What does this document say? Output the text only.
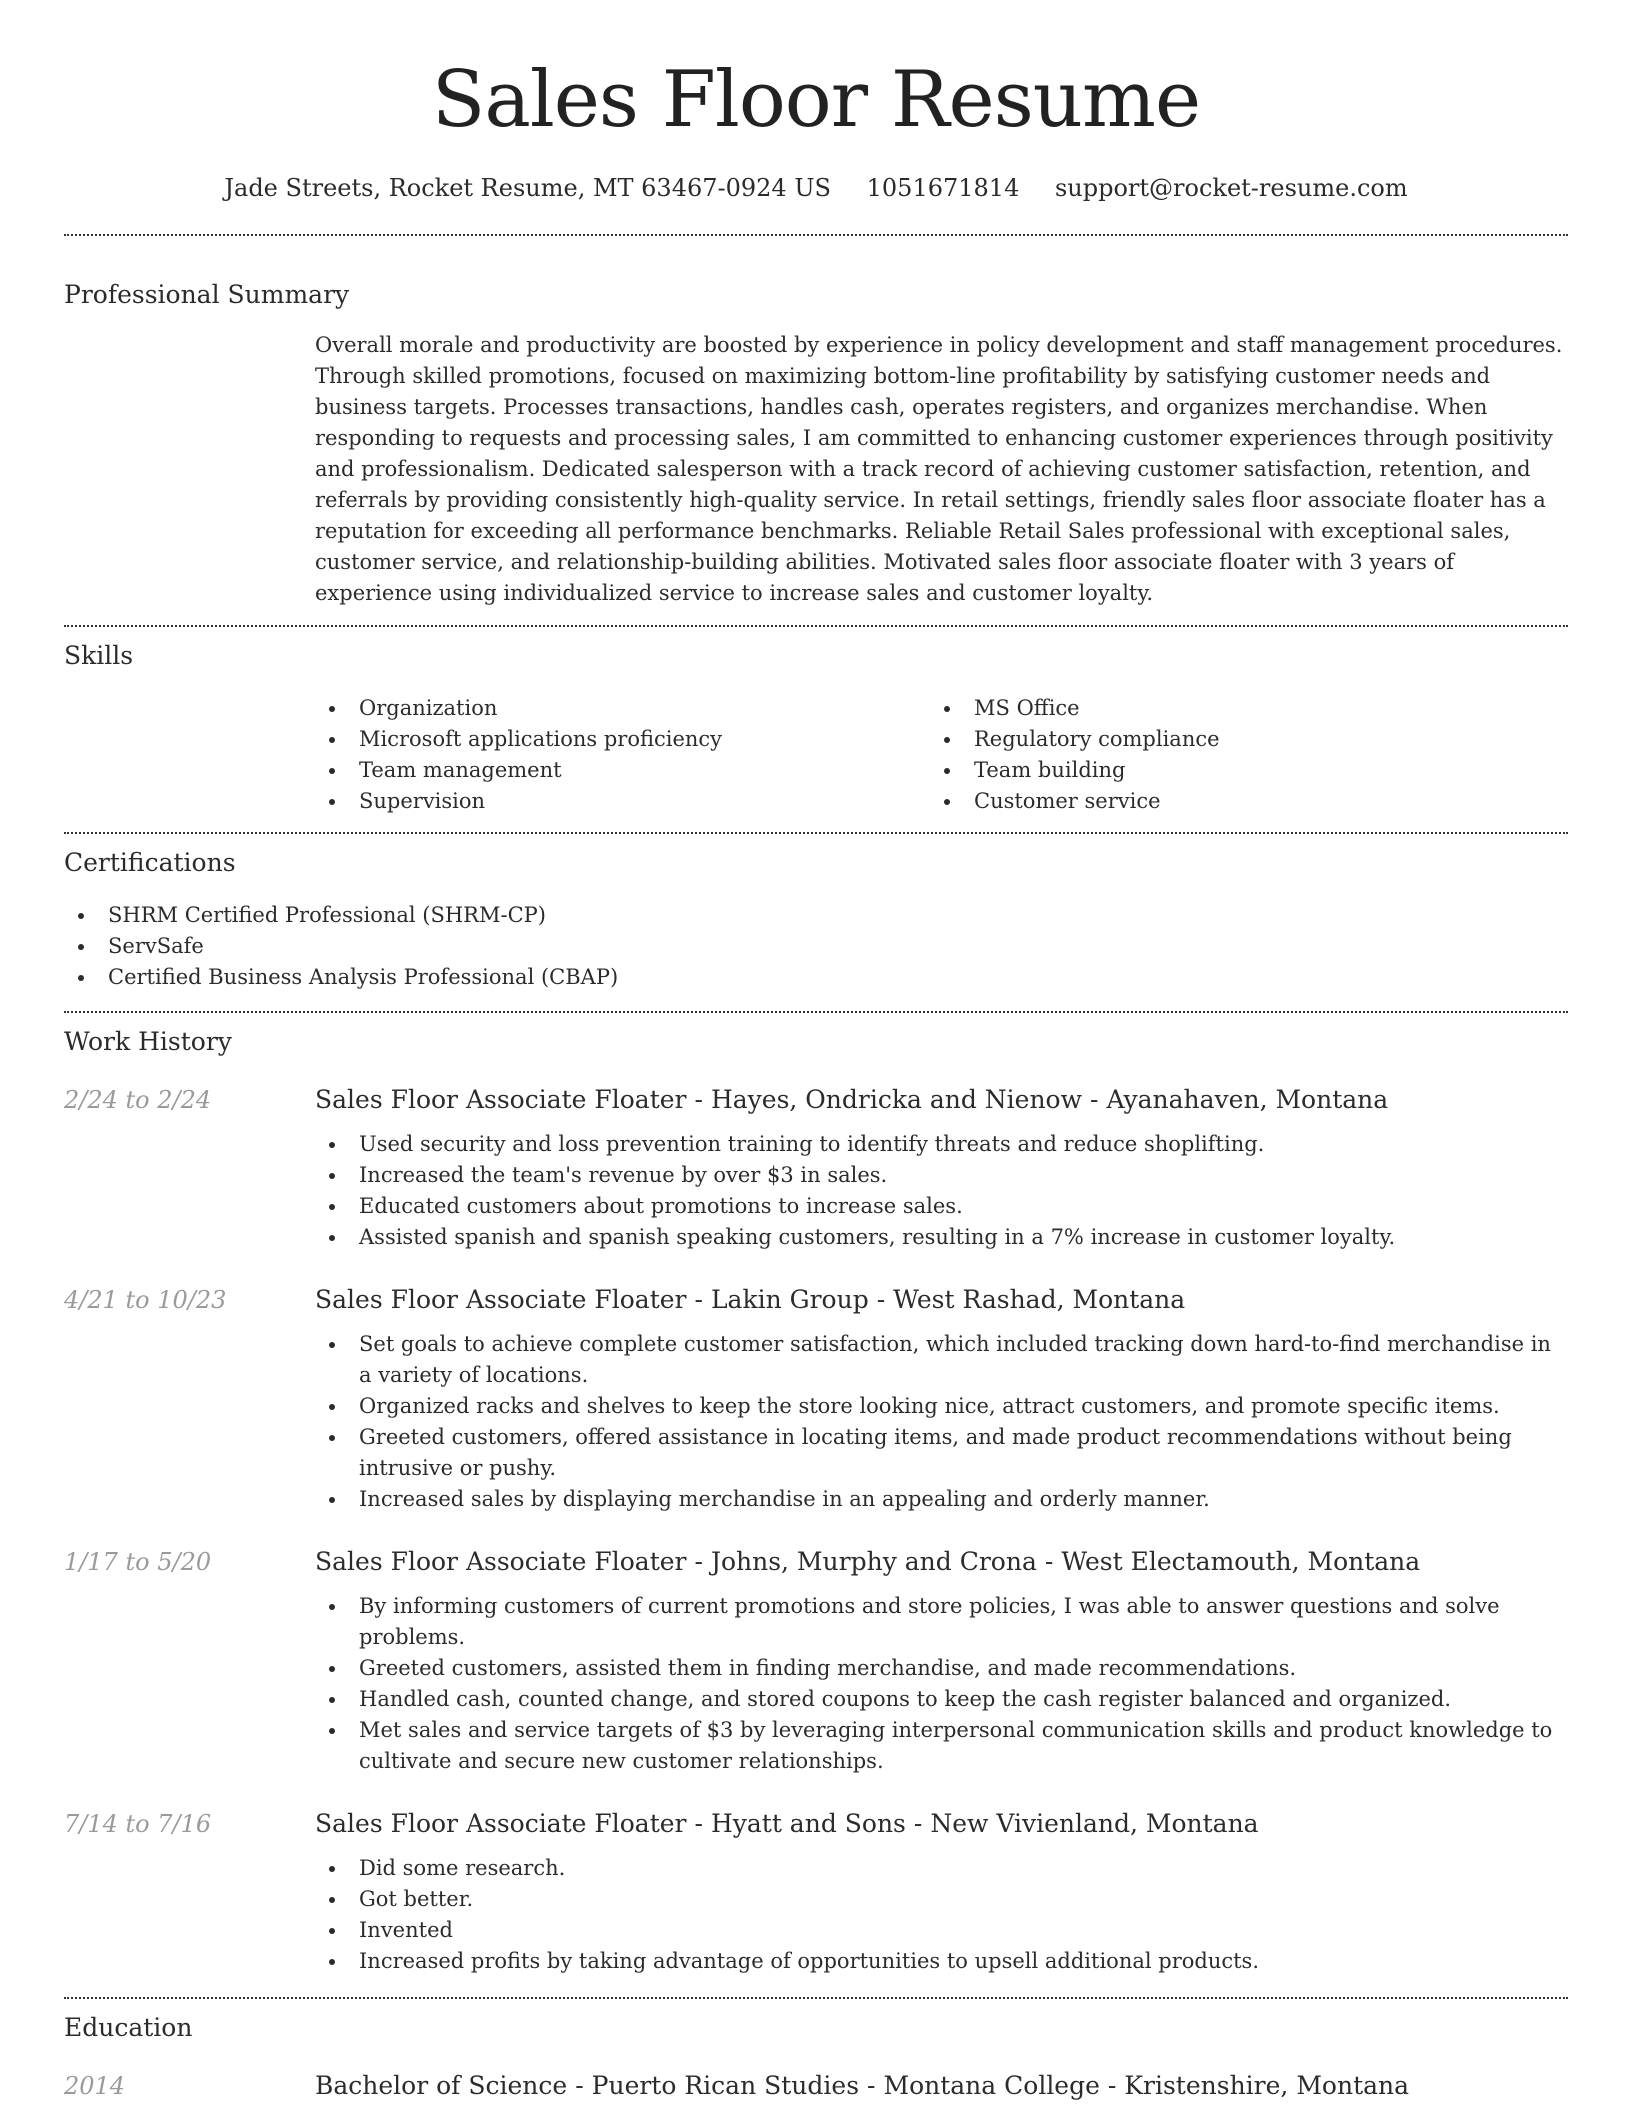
Sales Floor Resume
Jade Streets, Rocket Resume, MT 63467-0924 US 1051671814 support@rocket-resume.com
Professional Summary
Overall morale and productivity are boosted by experience in policy development and staff management procedures. Through skilled promotions, focused on maximizing bottom-line profitability by satisfying customer needs and business targets. Processes transactions, handles cash, operates registers, and organizes merchandise. When responding to requests and processing sales, I am committed to enhancing customer experiences through positivity and professionalism. Dedicated salesperson with a track record of achieving customer satisfaction, retention, and referrals by providing consistently high-quality service. In retail settings, friendly sales floor associate floater has a reputation for exceeding all performance benchmarks. Reliable Retail Sales professional with exceptional sales, customer service, and relationship-building abilities. Motivated sales floor associate floater with 3 years of experience using individualized service to increase sales and customer loyalty.
Skills
Organization
Microsoft applications proficiency
Team management
Supervision
MS Office
Regulatory compliance
Team building
Customer service
Certifications
SHRM Certified Professional (SHRM-CP)
ServSafe
Certified Business Analysis Professional (CBAP)
Work History
2/24 to 2/24	Sales Floor Associate Floater - Hayes, Ondricka and Nienow - Ayanahaven, Montana
Used security and loss prevention training to identify threats and reduce shoplifting.
Increased the team's revenue by over $3 in sales.
Educated customers about promotions to increase sales.
Assisted spanish and spanish speaking customers, resulting in a 7% increase in customer loyalty.
4/21 to 10/23	Sales Floor Associate Floater - Lakin Group - West Rashad, Montana
Set goals to achieve complete customer satisfaction, which included tracking down hard-to-find merchandise in a variety of locations.
Organized racks and shelves to keep the store looking nice, attract customers, and promote specific items.
Greeted customers, offered assistance in locating items, and made product recommendations without being intrusive or pushy.
Increased sales by displaying merchandise in an appealing and orderly manner.
1/17 to 5/20	Sales Floor Associate Floater - Johns, Murphy and Crona - West Electamouth, Montana
By informing customers of current promotions and store policies, I was able to answer questions and solve problems.
Greeted customers, assisted them in finding merchandise, and made recommendations.
Handled cash, counted change, and stored coupons to keep the cash register balanced and organized.
Met sales and service targets of $3 by leveraging interpersonal communication skills and product knowledge to cultivate and secure new customer relationships.
7/14 to 7/16	Sales Floor Associate Floater - Hyatt and Sons - New Vivienland, Montana
Did some research.
Got better.
Invented
Increased profits by taking advantage of opportunities to upsell additional products.
Education
2014	Bachelor of Science - Puerto Rican Studies - Montana College - Kristenshire, Montana
